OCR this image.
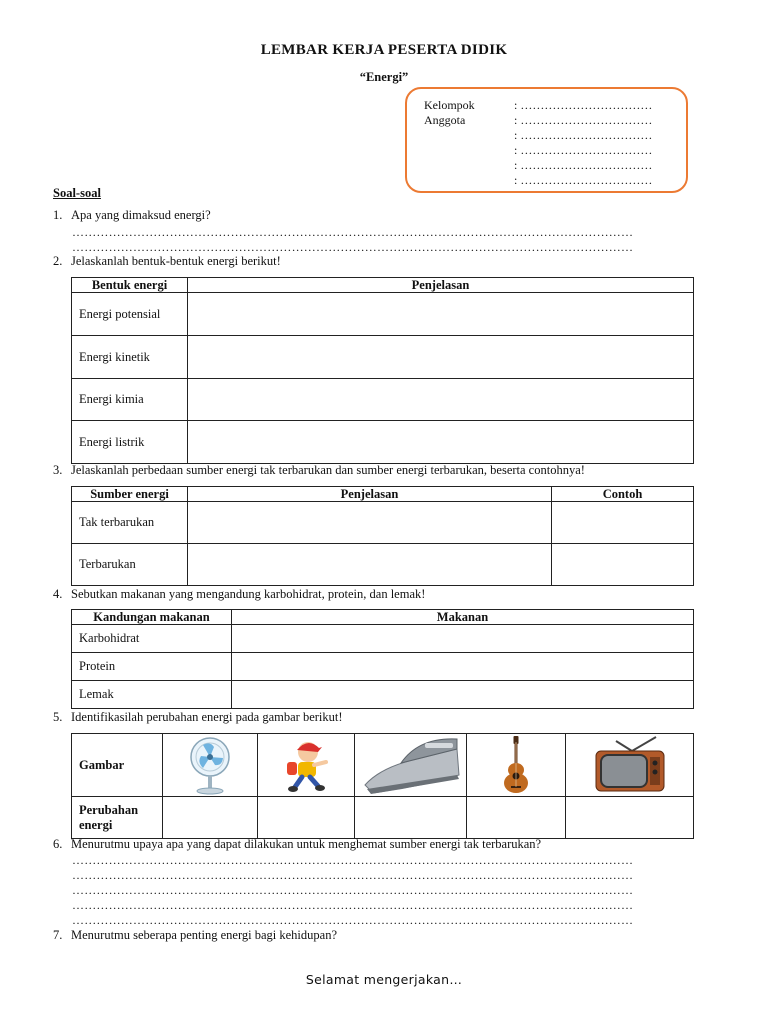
LEMBAR KERJA PESERTA DIDIK
“Energi”
Kelompok	: ……………………………
Anggota	: ……………………………
: ……………………………
: ……………………………
: ……………………………
: ……………………………
Soal-soal
1. Apa yang dimaksud energi?
…………………………………………………………………………………………………………………………
…………………………………………………………………………………………………………………………
2. Jelaskanlah bentuk-bentuk energi berikut!
Bentuk energi	Penjelasan
Energi potensial	
Energi kinetik	
Energi kimia	
Energi listrik	
3. Jelaskanlah perbedaan sumber energi tak terbarukan dan sumber energi terbarukan, beserta contohnya!
Sumber energi	Penjelasan	Contoh
Tak terbarukan		
Terbarukan		
4. Sebutkan makanan yang mengandung karbohidrat, protein, dan lemak!
Kandungan makanan	Makanan
Karbohidrat	
Protein	
Lemak	
5. Identifikasilah perubahan energi pada gambar berikut!
Gambar	

Perubahan energi					
6. Menurutmu upaya apa yang dapat dilakukan untuk menghemat sumber energi tak terbarukan?
…………………………………………………………………………………………………………………………
…………………………………………………………………………………………………………………………
…………………………………………………………………………………………………………………………
…………………………………………………………………………………………………………………………
…………………………………………………………………………………………………………………………
7. Menurutmu seberapa penting energi bagi kehidupan?
Selamat mengerjakan…
